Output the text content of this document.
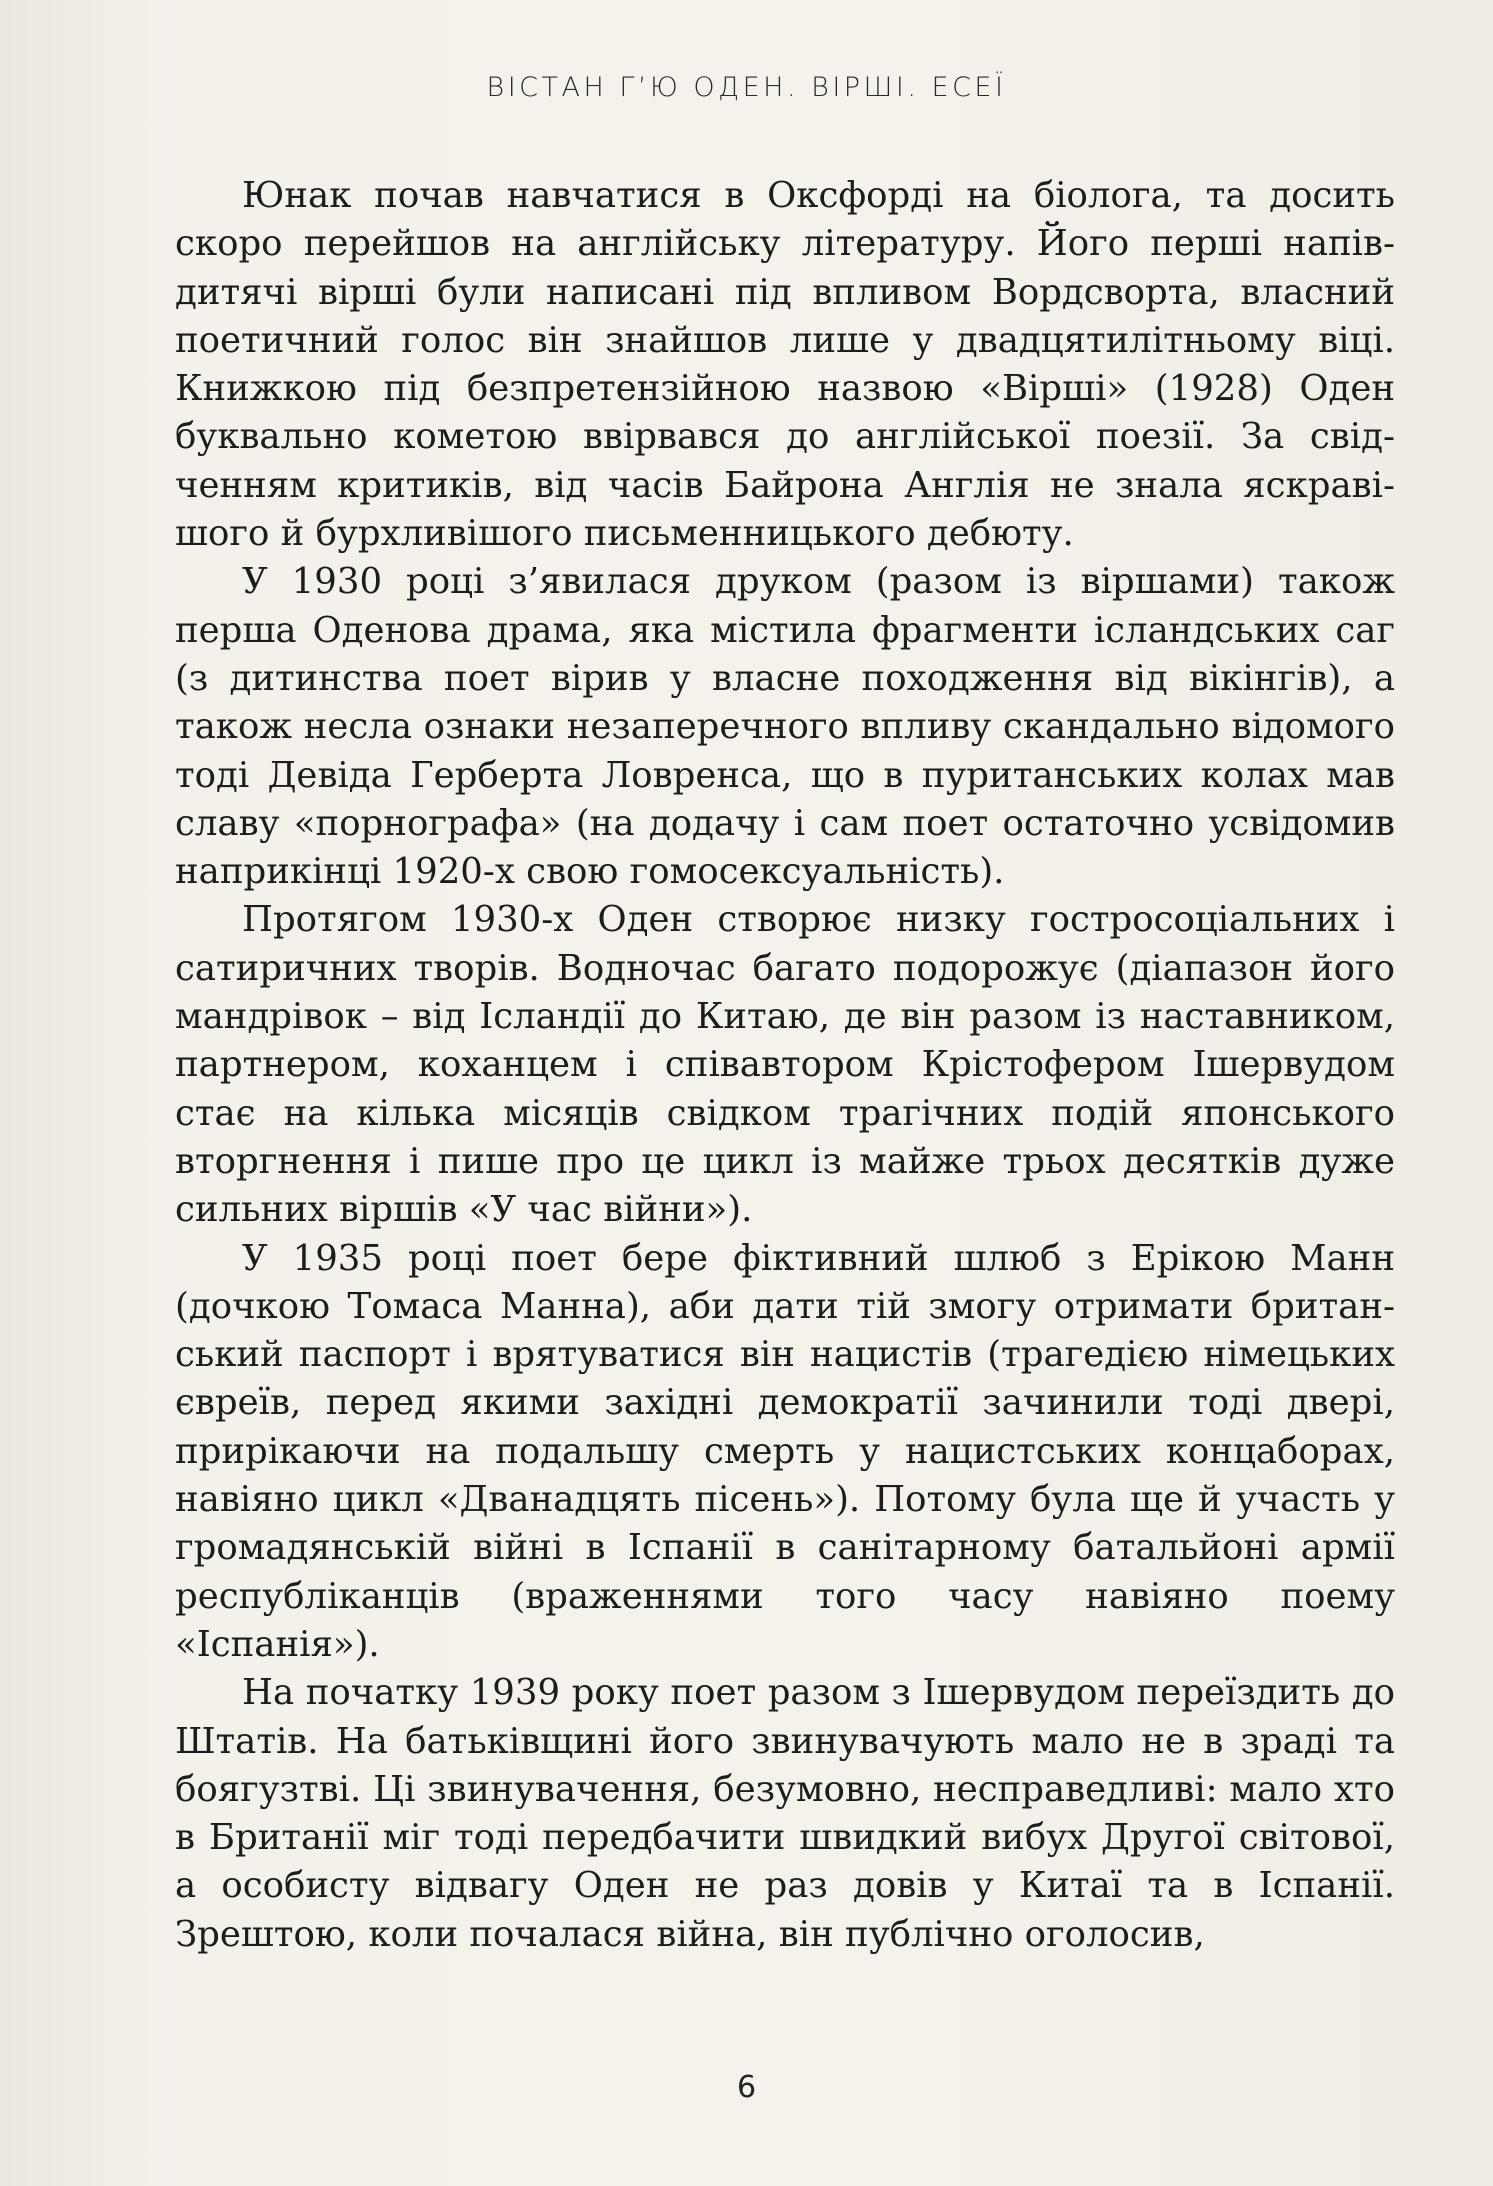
ВІСТАН Г’Ю ОДЕН. ВІРШІ. ЕСЕЇ

Юнак почав навчатися в Оксфорді на біолога, та досить скоро перейшов на англійську літературу. Його перші напівдитячі вірші були написані під впливом Вордсворта, власний поетичний голос він знайшов лише у двадцятилітньому віці. Книжкою під безпретензійною назвою «Вірші» (1928) Оден буквально кометою ввірвався до англійської поезії. За свідченням критиків, від часів Байрона Англія не знала яскравішого й бурхливішого письменницького дебюту.

У 1930 році з’явилася друком (разом із віршами) також перша Оденова драма, яка містила фрагменти ісландських саг (з дитинства поет вірив у власне походження від вікінгів), а також несла ознаки незаперечного впливу скандально відомого тоді Девіда Герберта Ловренса, що в пуританських колах мав славу «порнографа» (на додачу і сам поет остаточно усвідомив наприкінці 1920-х свою гомосексуальність).

Протягом 1930-х Оден створює низку гостросоціальних і сатиричних творів. Водночас багато подорожує (діапазон його мандрівок – від Ісландії до Китаю, де він разом із наставником, партнером, коханцем і співавтором Крістофером Ішервудом стає на кілька місяців свідком трагічних подій японського вторгнення і пише про це цикл із майже трьох десятків дуже сильних віршів «У час війни»).

У 1935 році поет бере фіктивний шлюб з Ерікою Манн (дочкою Томаса Манна), аби дати тій змогу отримати британський паспорт і врятуватися він нацистів (трагедією німецьких євреїв, перед якими західні демократії зачинили тоді двері, прирікаючи на подальшу смерть у нацистських концаборах, навіяно цикл «Дванадцять пісень»). Потому була ще й участь у громадянській війні в Іспанії в санітарному батальйоні армії республіканців (враженнями того часу навіяно поему «Іспанія»).

На початку 1939 року поет разом з Ішервудом переїздить до Штатів. На батьківщині його звинувачують мало не в зраді та боягузтві. Ці звинувачення, безумовно, несправедливі: мало хто в Британії міг тоді передбачити швидкий вибух Другої світової, а особисту відвагу Оден не раз довів у Китаї та в Іспанії. Зрештою, коли почалася війна, він публічно оголосив,

6
